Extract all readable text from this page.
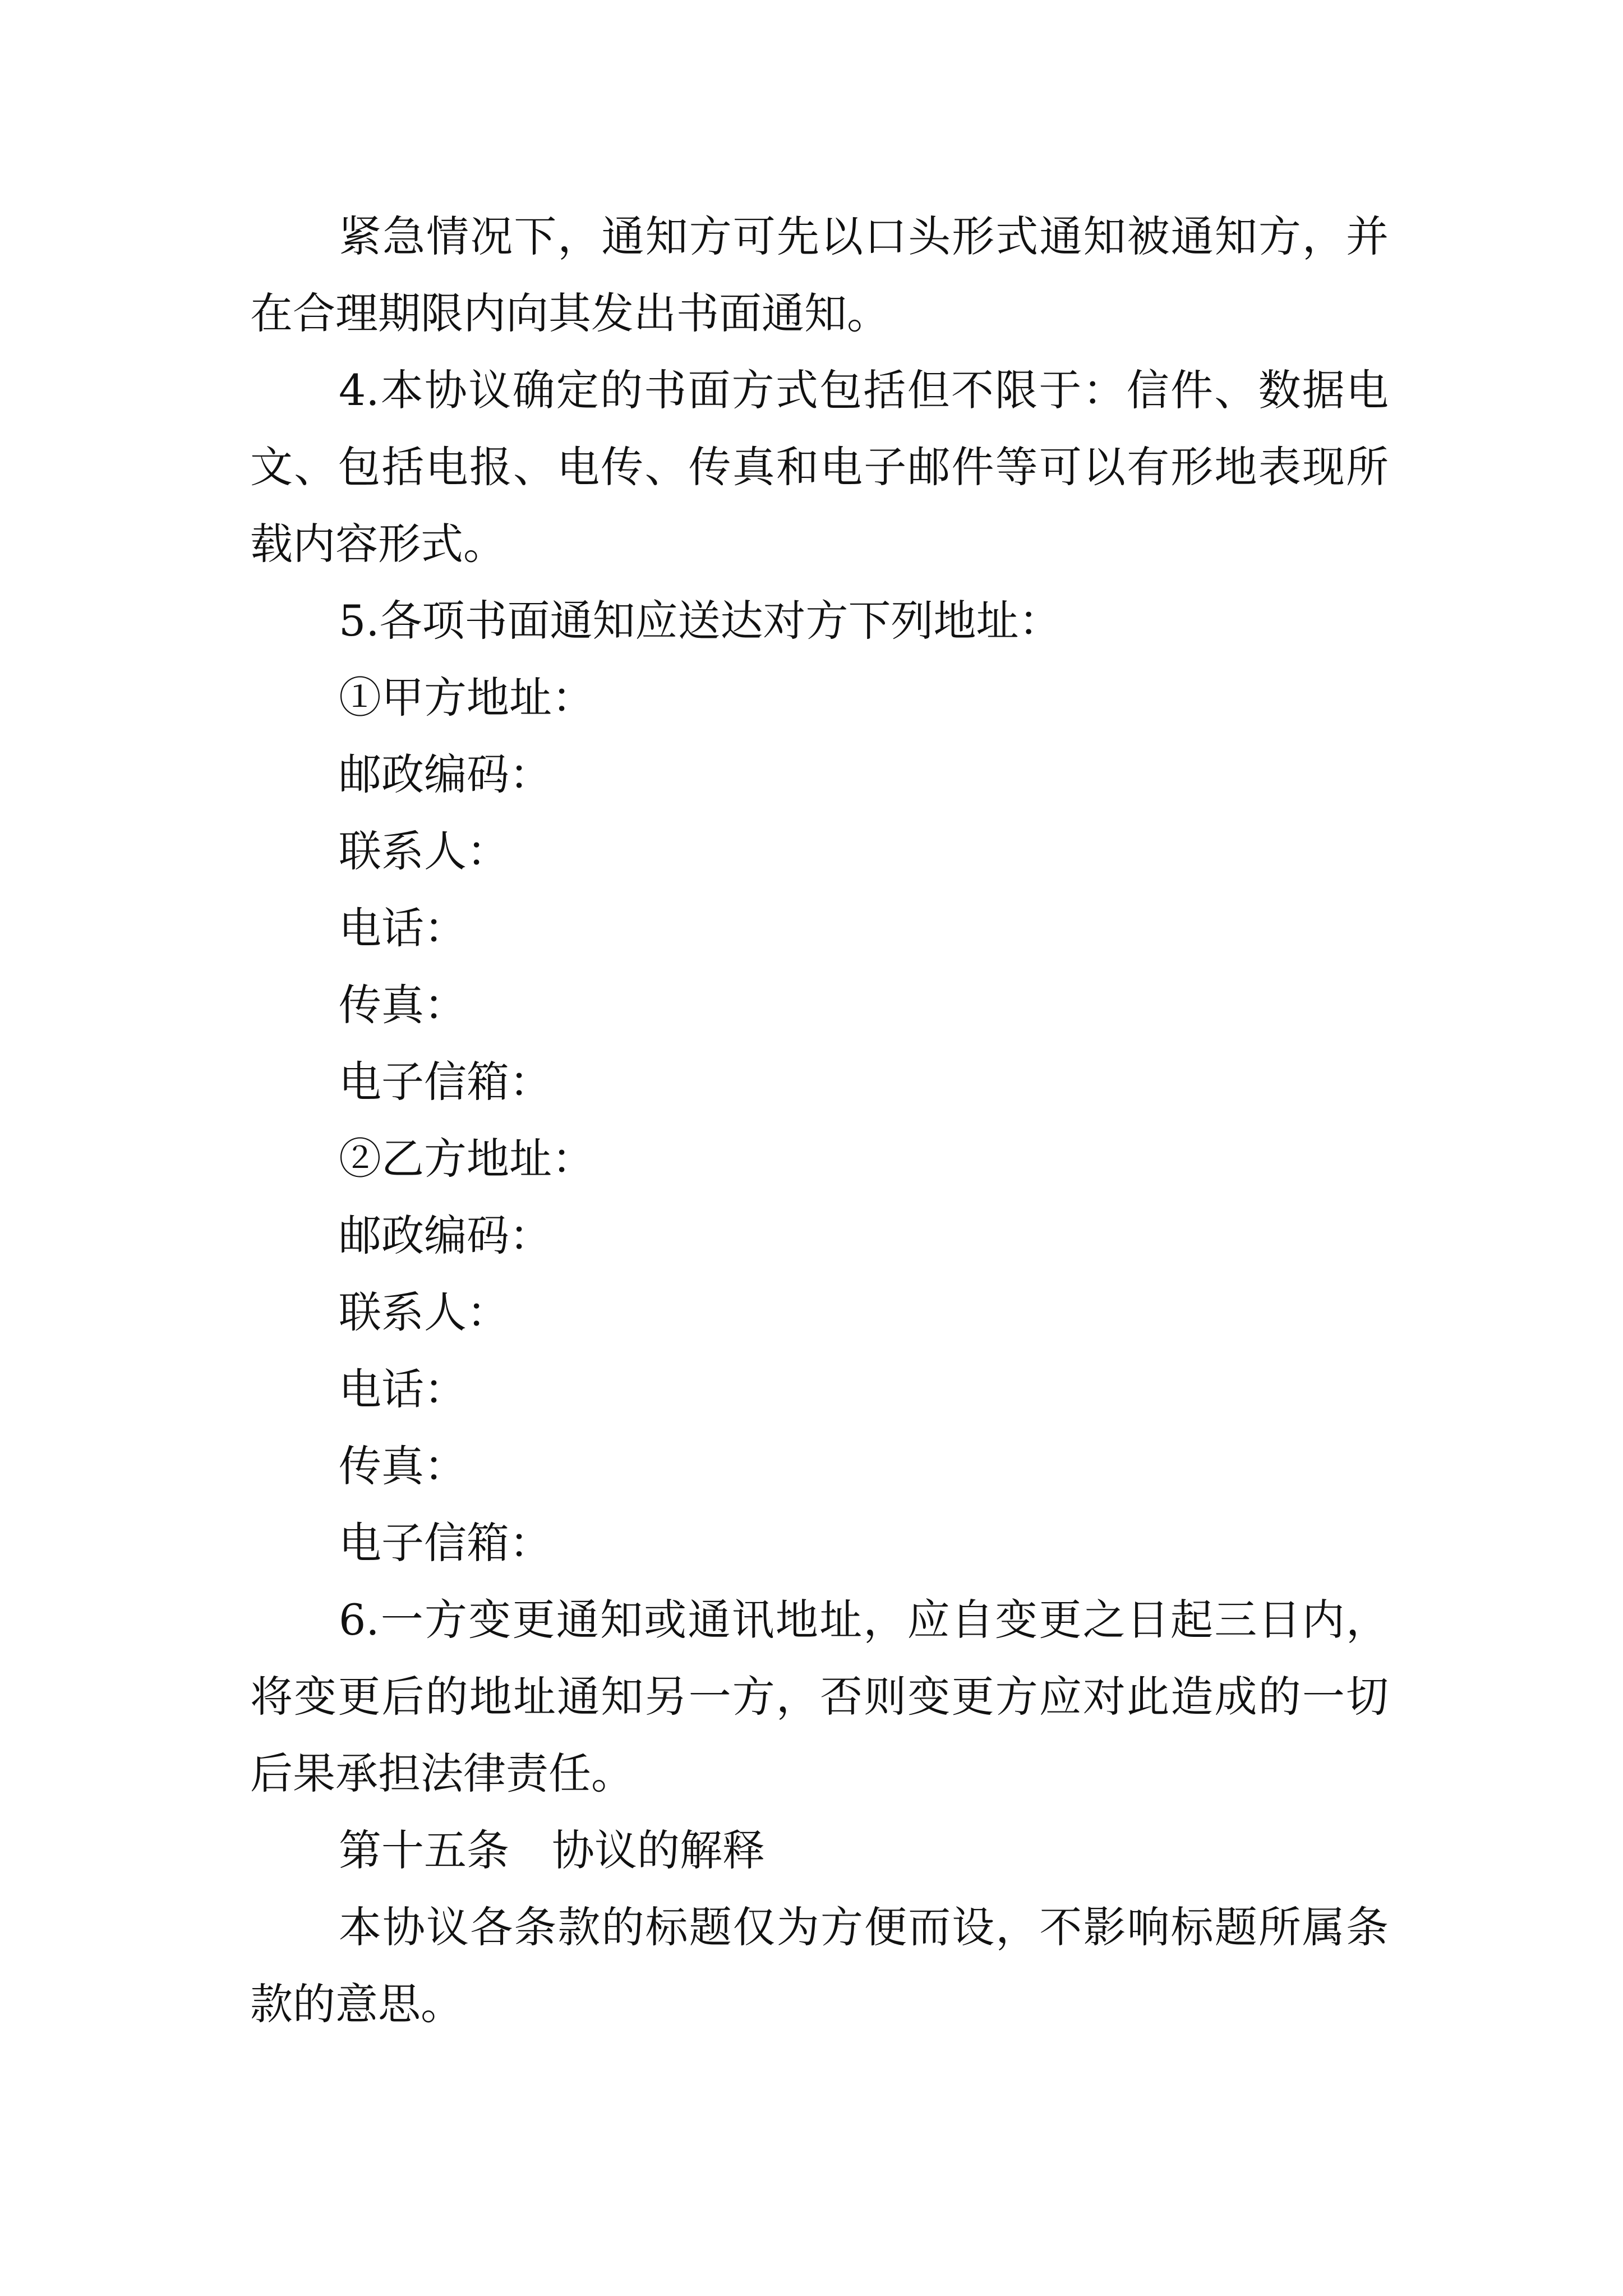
紧急情况下，通知方可先以口头形式通知被通知方，并
在合理期限内向其发出书面通知。
4.本协议确定的书面方式包括但不限于：信件、数据电
文、包括电报、电传、传真和电子邮件等可以有形地表现所
载内容形式。
5.各项书面通知应送达对方下列地址：
①甲方地址：
邮政编码：
联系人：
电话：
传真：
电子信箱：
②乙方地址：
邮政编码：
联系人：
电话：
传真：
电子信箱：
6.一方变更通知或通讯地址，应自变更之日起三日内，
将变更后的地址通知另一方，否则变更方应对此造成的一切
后果承担法律责任。
第十五条　协议的解释
本协议各条款的标题仅为方便而设，不影响标题所属条
款的意思。
